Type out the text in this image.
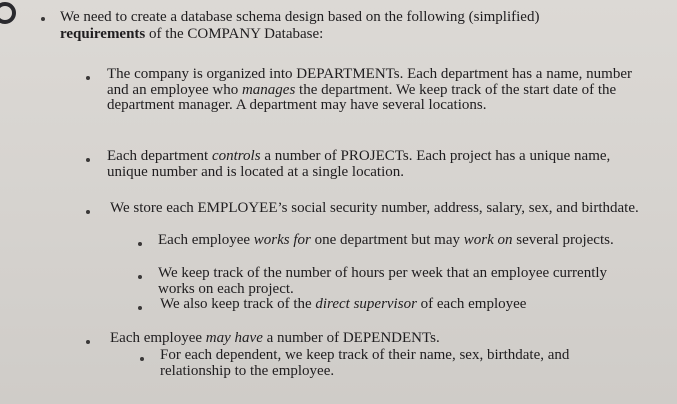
We need to create a database schema design based on the following (simplified)
requirements of the COMPANY Database:
The company is organized into DEPARTMENTs. Each department has a name, number and an employee who manages the department. We keep track of the start date of the department manager. A department may have several locations.
Each department controls a number of PROJECTs. Each project has a unique name, unique number and is located at a single location.
We store each EMPLOYEE’s social security number, address, salary, sex, and birthdate.
Each employee works for one department but may work on several projects.
We keep track of the number of hours per week that an employee currently works on each project.
We also keep track of the direct supervisor of each employee
Each employee may have a number of DEPENDENTs.
For each dependent, we keep track of their name, sex, birthdate, and relationship to the employee.
